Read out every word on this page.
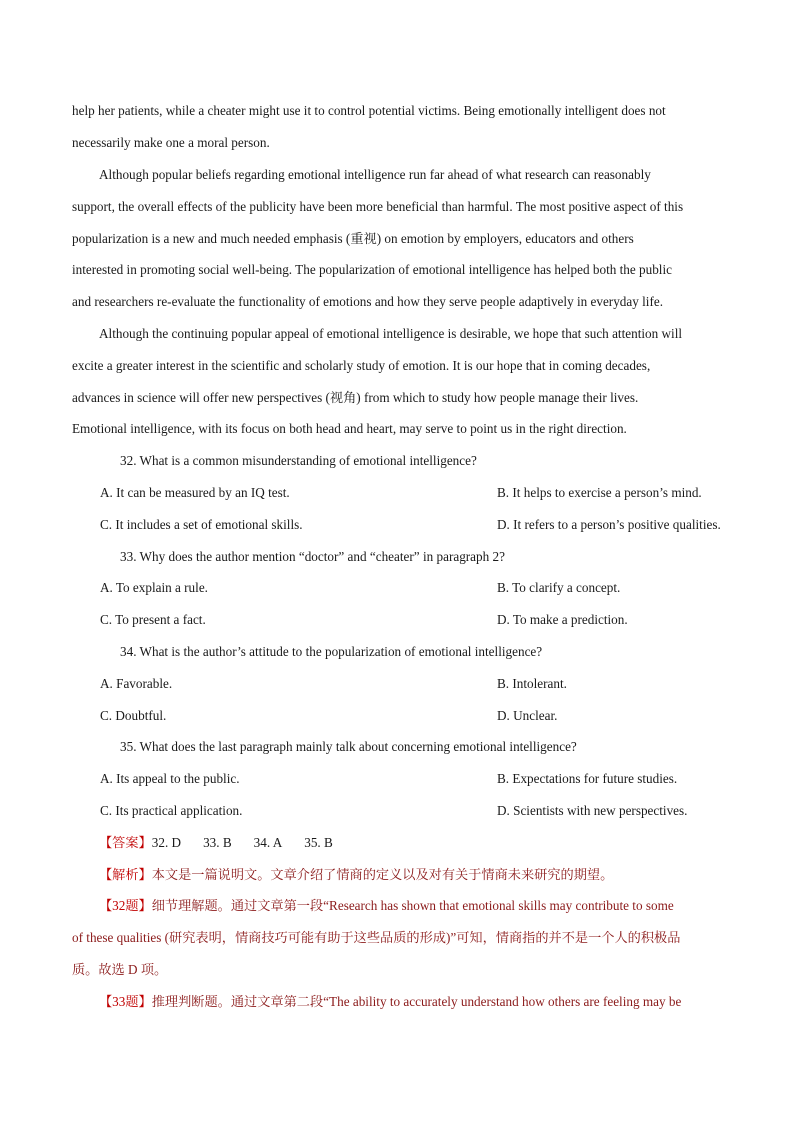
help her patients, while a cheater might use it to control potential victims. Being emotionally intelligent does not
necessarily make one a moral person.
Although popular beliefs regarding emotional intelligence run far ahead of what research can reasonably
support, the overall effects of the publicity have been more beneficial than harmful. The most positive aspect of this
popularization is a new and much needed emphasis (重视) on emotion by employers, educators and others
interested in promoting social well-being. The popularization of emotional intelligence has helped both the public
and researchers re-evaluate the functionality of emotions and how they serve people adaptively in everyday life.
Although the continuing popular appeal of emotional intelligence is desirable, we hope that such attention will
excite a greater interest in the scientific and scholarly study of emotion. It is our hope that in coming decades,
advances in science will offer new perspectives (视角) from which to study how people manage their lives.
Emotional intelligence, with its focus on both head and heart, may serve to point us in the right direction.
32. What is a common misunderstanding of emotional intelligence?
A. It can be measured by an IQ test.	B. It helps to exercise a person’s mind.
C. It includes a set of emotional skills.	D. It refers to a person’s positive qualities.
33. Why does the author mention “doctor” and “cheater” in paragraph 2?
A. To explain a rule.	B. To clarify a concept.
C. To present a fact.	D. To make a prediction.
34. What is the author’s attitude to the popularization of emotional intelligence?
A. Favorable.	B. Intolerant.
C. Doubtful.	D. Unclear.
35. What does the last paragraph mainly talk about concerning emotional intelligence?
A. Its appeal to the public.	B. Expectations for future studies.
C. Its practical application.	D. Scientists with new perspectives.
【答案】32. D 33. B 34. A 35. B
【解析】本文是一篇说明文。文章介绍了情商的定义以及对有关于情商未来研究的期望。
【32题】细节理解题。通过文章第一段“Research has shown that emotional skills may contribute to some
of these qualities (研究表明，情商技巧可能有助于这些品质的形成)”可知，情商指的并不是一个人的积极品
质。故选 D 项。
【33题】推理判断题。通过文章第二段“The ability to accurately understand how others are feeling may be
